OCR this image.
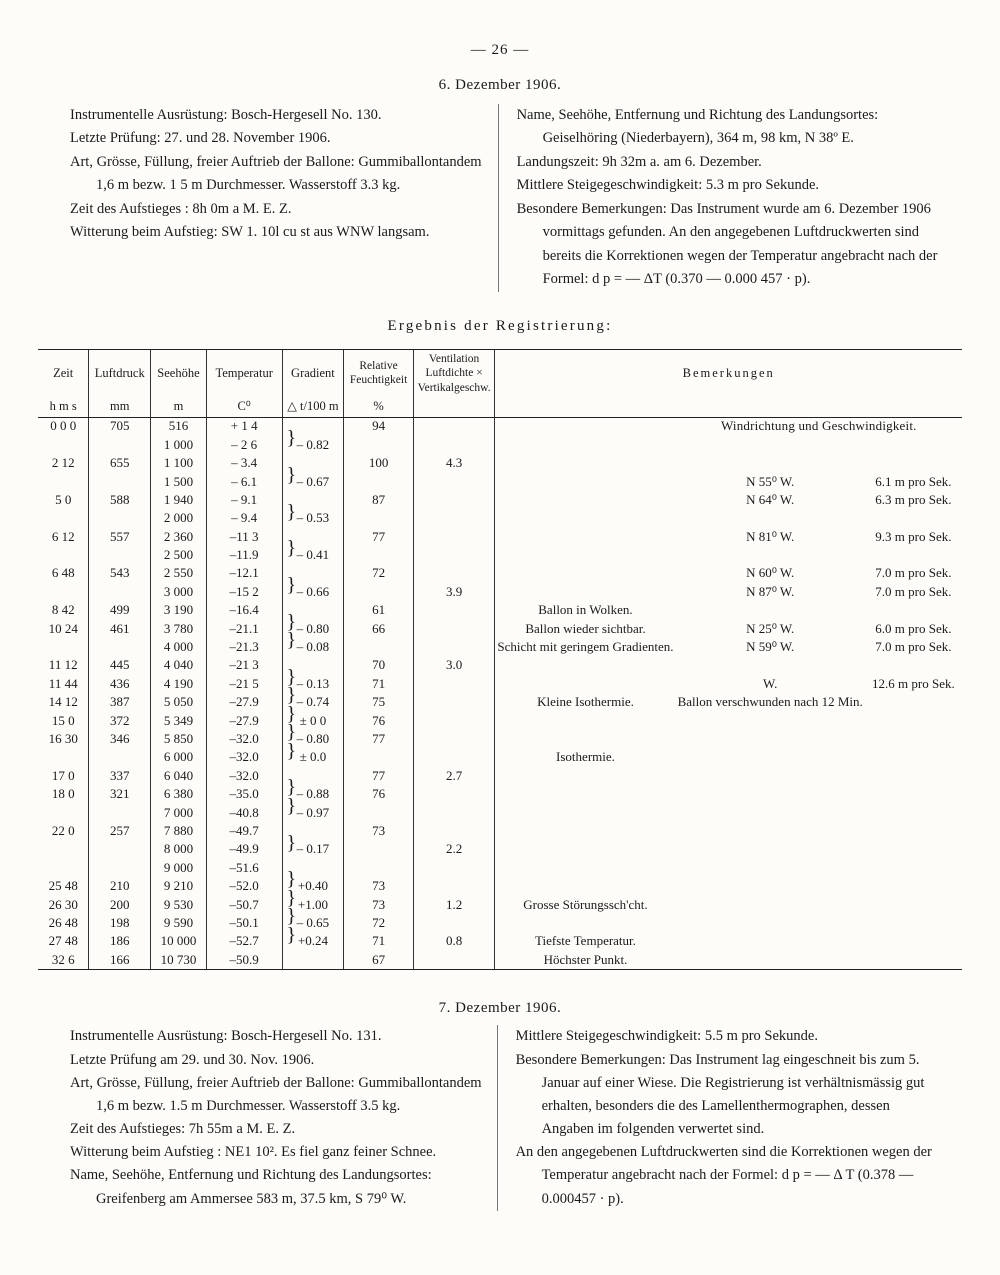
— 26 —
6. Dezember 1906.
Instrumentelle Ausrüstung: Bosch-Hergesell No. 130.
Letzte Prüfung: 27. und 28. November 1906.
Art, Grösse, Füllung, freier Auftrieb der Ballone: Gummiballontandem 1,6 m bezw. 1 5 m Durchmesser. Wasserstoff 3.3 kg.
Zeit des Aufstieges : 8h 0m a M. E. Z.
Witterung beim Aufstieg: SW 1. 10l cu st aus WNW langsam.
Name, Seehöhe, Entfernung und Richtung des Landungsortes: Geiselhöring (Niederbayern), 364 m, 98 km, N 38º E.
Landungszeit: 9h 32m a. am 6. Dezember.
Mittlere Steigegeschwindigkeit: 5.3 m pro Sekunde.
Besondere Bemerkungen: Das Instrument wurde am 6. Dezember 1906 vormittags gefunden. An den angegebenen Luftdruckwerten sind bereits die Korrektionen wegen der Temperatur angebracht nach der Formel: d p = — ΔT (0.370 — 0.000 457 · p).
Ergebnis der Registrierung:
Zeit	Luftdruck	Seehöhe	Temperatur	Gradient	Relative Feuchtigkeit	Ventilation Luftdichte × Vertikalgeschw.	Bemerkungen		
h m s	mm	m	C⁰	△ t/100 m	%				
0 0 0	705	516	+ 1 4		94			Windrichtung und Geschwindigkeit.	
		1 000	– 2 6	} – 0.82					
2 12	655	1 100	– 3.4		100	4.3			
		1 500	– 6.1	} – 0.67				N 55⁰ W.	6.1 m pro Sek.
5 0	588	1 940	– 9.1		87			N 64⁰ W.	6.3 m pro Sek.
		2 000	– 9.4	} – 0.53					
6 12	557	2 360	–11 3		77			N 81⁰ W.	9.3 m pro Sek.
		2 500	–11.9	} – 0.41					
6 48	543	2 550	–12.1		72			N 60⁰ W.	7.0 m pro Sek.
		3 000	–15 2	} – 0.66		3.9		N 87⁰ W.	7.0 m pro Sek.
8 42	499	3 190	–16.4		61		Ballon in Wolken.		
10 24	461	3 780	–21.1	} – 0.80	66		Ballon wieder sichtbar.	N 25⁰ W.	6.0 m pro Sek.
		4 000	–21.3	} – 0.08			Schicht mit geringem Gradienten.	N 59⁰ W.	7.0 m pro Sek.
11 12	445	4 040	–21 3		70	3.0			
11 44	436	4 190	–21 5	} – 0.13	71			W.	12.6 m pro Sek.
14 12	387	5 050	–27.9	} – 0.74	75		Kleine Isothermie.	Ballon verschwunden nach 12 Min.	
15 0	372	5 349	–27.9	} ± 0 0	76				
16 30	346	5 850	–32.0	} – 0.80	77				
		6 000	–32.0	} ± 0.0			Isothermie.		
17 0	337	6 040	–32.0		77	2.7			
18 0	321	6 380	–35.0	} – 0.88	76				
		7 000	–40.8	} – 0.97					
22 0	257	7 880	–49.7		73				
		8 000	–49.9	} – 0.17		2.2			
		9 000	–51.6						
25 48	210	9 210	–52.0	} +0.40	73				
26 30	200	9 530	–50.7	} +1.00	73	1.2	Grosse Störungssch'cht.		
26 48	198	9 590	–50.1	} – 0.65	72				
27 48	186	10 000	–52.7	} +0.24	71	0.8	Tiefste Temperatur.		
32 6	166	10 730	–50.9		67		Höchster Punkt.		
7. Dezember 1906.
Instrumentelle Ausrüstung: Bosch-Hergesell No. 131.
Letzte Prüfung am 29. und 30. Nov. 1906.
Art, Grösse, Füllung, freier Auftrieb der Ballone: Gummiballontandem 1,6 m bezw. 1.5 m Durchmesser. Wasserstoff 3.5 kg.
Zeit des Aufstieges: 7h 55m a M. E. Z.
Witterung beim Aufstieg : NE1 10². Es fiel ganz feiner Schnee.
Name, Seehöhe, Entfernung und Richtung des Landungsortes: Greifenberg am Ammersee 583 m, 37.5 km, S 79⁰ W.
Mittlere Steigegeschwindigkeit: 5.5 m pro Sekunde.
Besondere Bemerkungen: Das Instrument lag eingeschneit bis zum 5. Januar auf einer Wiese. Die Registrierung ist verhältnismässig gut erhalten, besonders die des Lamellenthermographen, dessen Angaben im folgenden verwertet sind.
An den angegebenen Luftdruckwerten sind die Korrektionen wegen der Temperatur angebracht nach der Formel: d p = — Δ T (0.378 — 0.000457 · p).
